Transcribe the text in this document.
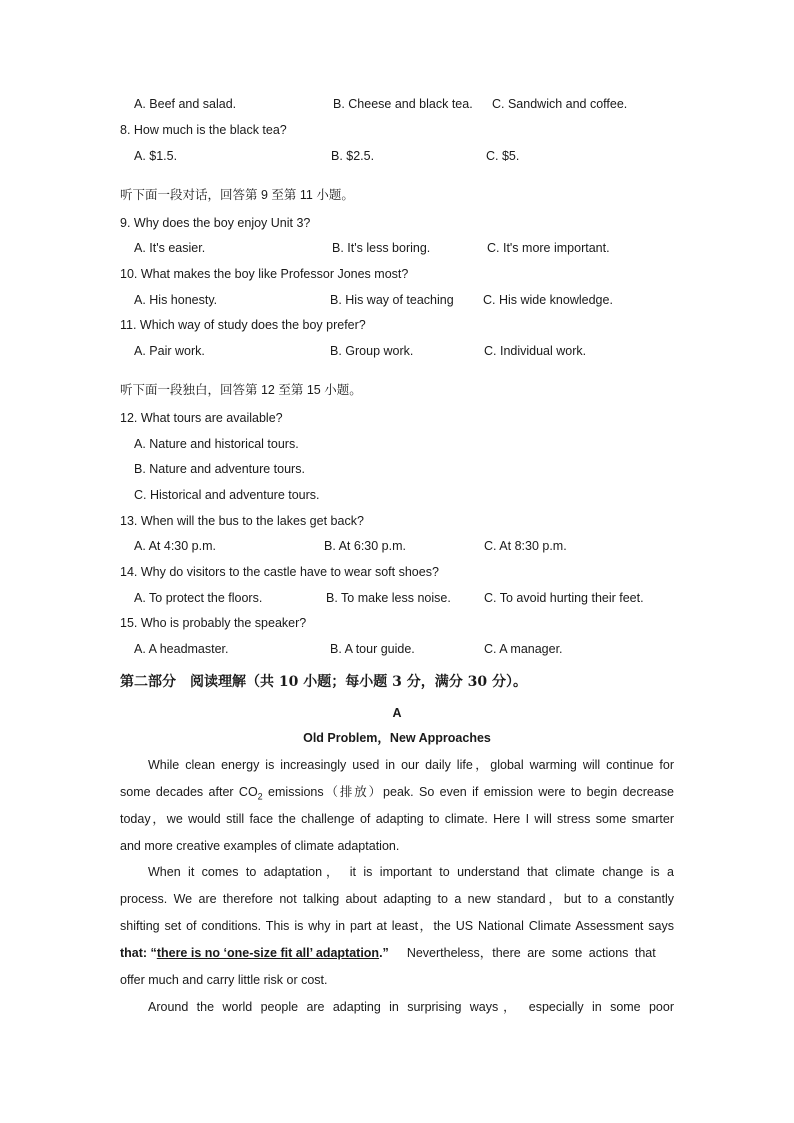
A. Beef and salad.	B. Cheese and black tea. C. Sandwich and coffee.
8. How much is the black tea?
A. $1.5.	B. $2.5.	C. $5.
听下面一段对话，回答第 9 至第 11 小题。
9. Why does the boy enjoy Unit 3?
A. It's easier.	B. It's less boring.	C. It's more important.
10. What makes the boy like Professor Jones most?
A. His honesty.	B. His way of teaching C. His wide knowledge.
11. Which way of study does the boy prefer?
A. Pair work.	B. Group work.	C. Individual work.
听下面一段独白，回答第 12 至第 15 小题。
12. What tours are available?
A. Nature and historical tours.
B. Nature and adventure tours.
C. Historical and adventure tours.
13. When will the bus to the lakes get back?
A. At 4:30 p.m.	B. At 6:30 p.m.	C. At 8:30 p.m.
14. Why do visitors to the castle have to wear soft shoes?
A. To protect the floors.	B. To make less noise.	C. To avoid hurting their feet.
15. Who is probably the speaker?
A. A headmaster.	B. A tour guide.	C. A manager.
第二部分　阅读理解（共 10 小题；每小题 3 分，满分 30 分）。
A
Old Problem，New Approaches
While clean energy is increasingly used in our daily life，global warming will continue for
some decades after $CO_2$ emissions（排放）peak. So even if emission were to begin decrease
today，we would still face the challenge of adapting to climate. Here I will stress some smarter
and more creative examples of climate adaptation.
When it comes to adaptation， it is important to understand that climate change is a
process. We are therefore not talking about adapting to a new standard，but to a constantly
shifting set of conditions. This is why in part at least，the US National Climate Assessment says
that: “there is no ‘one-size fit all’ adaptation.” Nevertheless，there are some actions that
offer much and carry little risk or cost.
Around the world people are adapting in surprising ways， especially in some poor
